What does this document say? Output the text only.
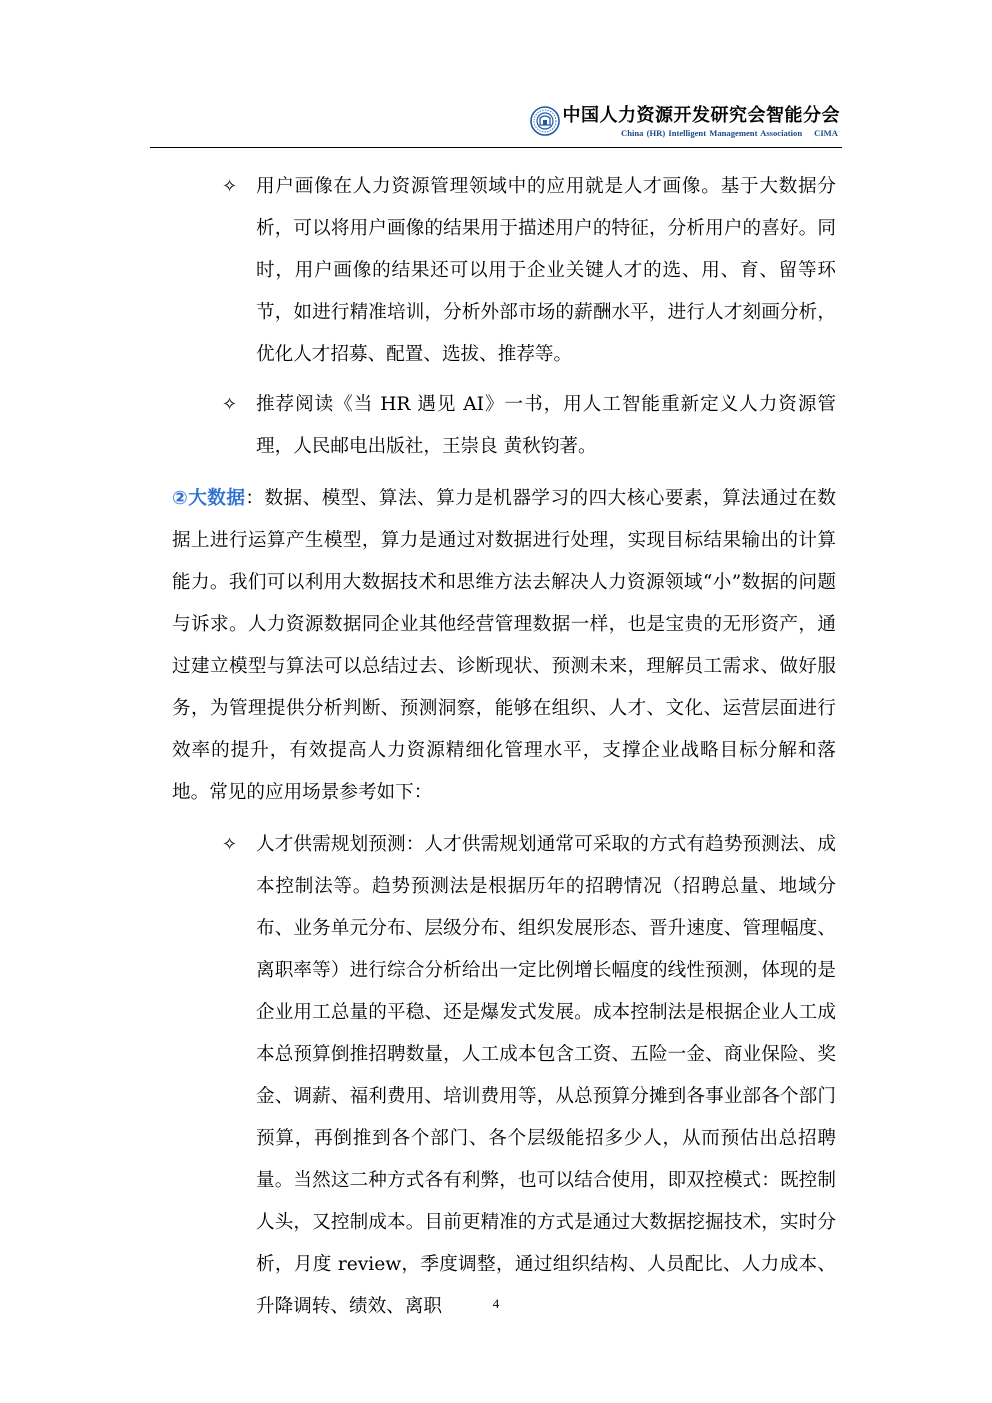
中国人力资源开发研究会智能分会
China (HR) Intelligent Management Association CIMA
✧ 用户画像在人力资源管理领域中的应用就是人才画像。基于大数据分析，可以将用户画像的结果用于描述用户的特征，分析用户的喜好。同时，用户画像的结果还可以用于企业关键人才的选、用、育、留等环节，如进行精准培训，分析外部市场的薪酬水平，进行人才刻画分析，优化人才招募、配置、选拔、推荐等。
✧ 推荐阅读《当 HR 遇见 AI》一书，用人工智能重新定义人力资源管理，人民邮电出版社，王崇良 黄秋钧著。
②大数据：数据、模型、算法、算力是机器学习的四大核心要素，算法通过在数据上进行运算产生模型，算力是通过对数据进行处理，实现目标结果输出的计算能力。我们可以利用大数据技术和思维方法去解决人力资源领域“小”数据的问题与诉求。人力资源数据同企业其他经营管理数据一样，也是宝贵的无形资产，通过建立模型与算法可以总结过去、诊断现状、预测未来，理解员工需求、做好服务，为管理提供分析判断、预测洞察，能够在组织、人才、文化、运营层面进行效率的提升，有效提高人力资源精细化管理水平，支撑企业战略目标分解和落地。常见的应用场景参考如下：
✧ 人才供需规划预测：人才供需规划通常可采取的方式有趋势预测法、成本控制法等。趋势预测法是根据历年的招聘情况（招聘总量、地域分布、业务单元分布、层级分布、组织发展形态、晋升速度、管理幅度、离职率等）进行综合分析给出一定比例增长幅度的线性预测，体现的是企业用工总量的平稳、还是爆发式发展。成本控制法是根据企业人工成本总预算倒推招聘数量，人工成本包含工资、五险一金、商业保险、奖金、调薪、福利费用、培训费用等，从总预算分摊到各事业部各个部门预算，再倒推到各个部门、各个层级能招多少人，从而预估出总招聘量。当然这二种方式各有利弊，也可以结合使用，即双控模式：既控制人头，又控制成本。目前更精准的方式是通过大数据挖掘技术，实时分析，月度 review，季度调整，通过组织结构、人员配比、人力成本、升降调转、绩效、离职	4
